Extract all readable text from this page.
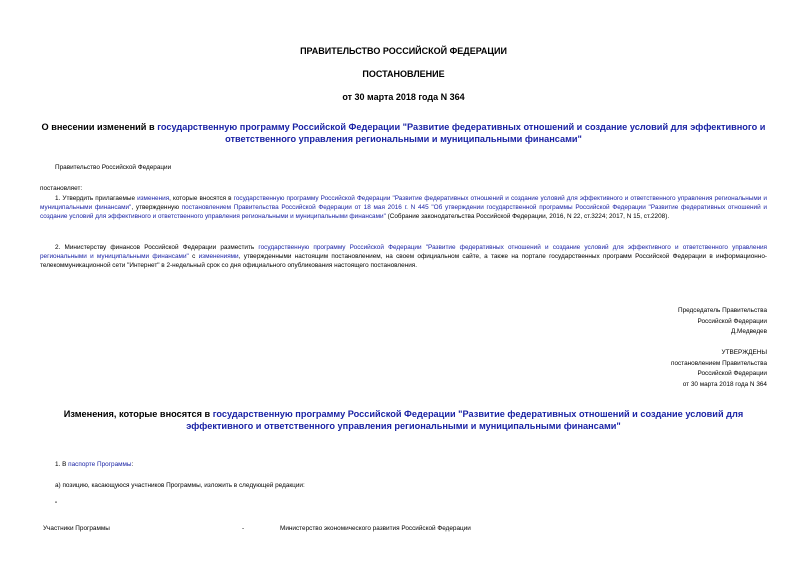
ПРАВИТЕЛЬСТВО РОССИЙСКОЙ ФЕДЕРАЦИИ
ПОСТАНОВЛЕНИЕ
от 30 марта 2018 года N 364
О внесении изменений в государственную программу Российской Федерации "Развитие федеративных отношений и создание условий для эффективного и ответственного управления региональными и муниципальными финансами"
Правительство Российской Федерации
постановляет:
1. Утвердить прилагаемые изменения, которые вносятся в государственную программу Российской Федерации "Развитие федеративных отношений и создание условий для эффективного и ответственного управления региональными и муниципальными финансами", утвержденную постановлением Правительства Российской Федерации от 18 мая 2016 г. N 445 "Об утверждении государственной программы Российской Федерации "Развитие федеративных отношений и создание условий для эффективного и ответственного управления региональными и муниципальными финансами" (Собрание законодательства Российской Федерации, 2016, N 22, ст.3224; 2017, N 15, ст.2208).
2. Министерству финансов Российской Федерации разместить государственную программу Российской Федерации "Развитие федеративных отношений и создание условий для эффективного и ответственного управления региональными и муниципальными финансами" с изменениями, утвержденными настоящим постановлением, на своем официальном сайте, а также на портале государственных программ Российской Федерации в информационно-телекоммуникационной сети "Интернет" в 2-недельный срок со дня официального опубликования настоящего постановления.
Председатель Правительства
Российской Федерации
Д.Медведев
УТВЕРЖДЕНЫ
постановлением Правительства
Российской Федерации
от 30 марта 2018 года N 364
Изменения, которые вносятся в государственную программу Российской Федерации "Развитие федеративных отношений и создание условий для эффективного и ответственного управления региональными и муниципальными финансами"
1. В паспорте Программы:
а) позицию, касающуюся участников Программы, изложить в следующей редакции:
"
Участники Программы	-	Министерство экономического развития Российской Федерации
